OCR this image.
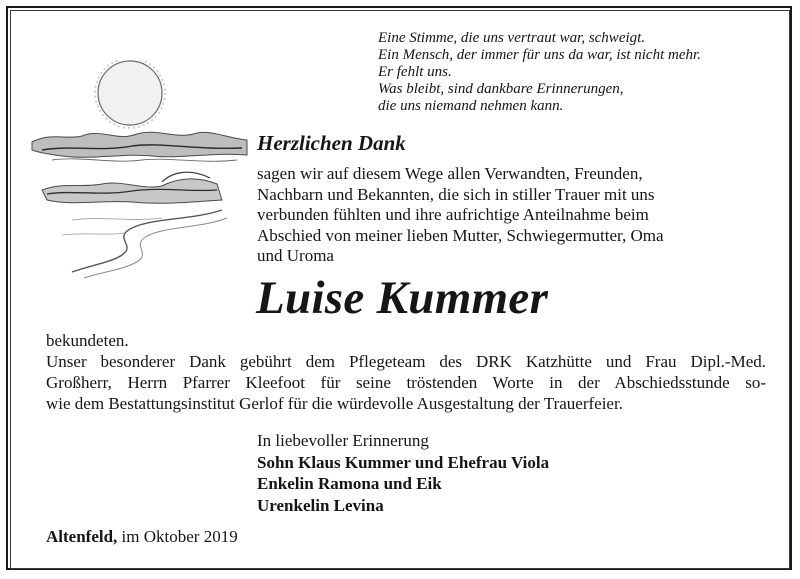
Eine Stimme, die uns vertraut war, schweigt.
Ein Mensch, der immer für uns da war, ist nicht mehr.
Er fehlt uns.
Was bleibt, sind dankbare Erinnerungen,
die uns niemand nehmen kann.
Herzlichen Dank
sagen wir auf diesem Wege allen Verwandten, Freunden,
Nachbarn und Bekannten, die sich in stiller Trauer mit uns
verbunden fühlten und ihre aufrichtige Anteilnahme beim
Abschied von meiner lieben Mutter, Schwiegermutter, Oma
und Uroma
Luise Kummer
bekundeten.
Unser besonderer Dank gebührt dem Pflegeteam des DRK Katzhütte und Frau Dipl.-Med.
Großherr, Herrn Pfarrer Kleefoot für seine tröstenden Worte in der Abschiedsstunde so-
wie dem Bestattungsinstitut Gerlof für die würdevolle Ausgestaltung der Trauerfeier.
In liebevoller Erinnerung
Sohn Klaus Kummer und Ehefrau Viola
Enkelin Ramona und Eik
Urenkelin Levina
Altenfeld, im Oktober 2019
